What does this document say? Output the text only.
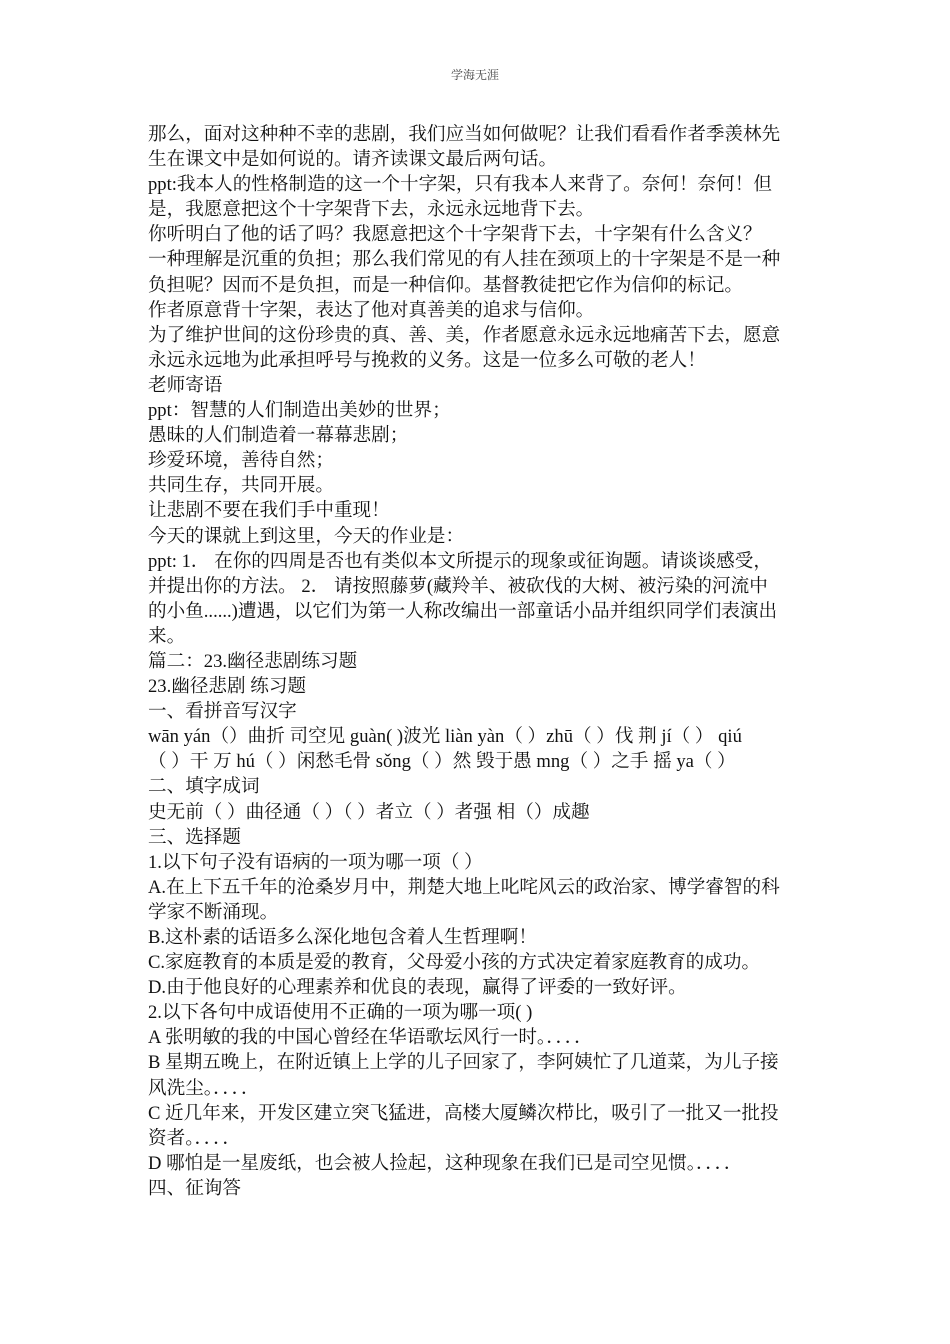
学海无涯
那么，面对这种种不幸的悲剧，我们应当如何做呢？让我们看看作者季羡林先
生在课文中是如何说的。请齐读课文最后两句话。
ppt:我本人的性格制造的这一个十字架，只有我本人来背了。奈何！奈何！但
是，我愿意把这个十字架背下去，永远永远地背下去。
你听明白了他的话了吗？我愿意把这个十字架背下去，十字架有什么含义？
一种理解是沉重的负担；那么我们常见的有人挂在颈项上的十字架是不是一种
负担呢？因而不是负担，而是一种信仰。基督教徒把它作为信仰的标记。
作者原意背十字架，表达了他对真善美的追求与信仰。
为了维护世间的这份珍贵的真、善、美，作者愿意永远永远地痛苦下去，愿意
永远永远地为此承担呼号与挽救的义务。这是一位多么可敬的老人！
老师寄语
ppt：智慧的人们制造出美妙的世界；
愚昧的人们制造着一幕幕悲剧；
珍爱环境，善待自然；
共同生存，共同开展。
让悲剧不要在我们手中重现！
今天的课就上到这里，今天的作业是：
ppt: 1． 在你的四周是否也有类似本文所提示的现象或征询题。请谈谈感受，
并提出你的方法。 2． 请按照藤萝(藏羚羊、被砍伐的大树、被污染的河流中
的小鱼......)遭遇，以它们为第一人称改编出一部童话小品并组织同学们表演出
来。
篇二：23.幽径悲剧练习题
23.幽径悲剧 练习题
一、看拼音写汉字
wān yán（）曲折 司空见 guàn( )波光 liàn yàn（ ）zhū（ ）伐 荆 jí（ ） qiú
（ ）干 万 hú（ ）闲愁毛骨 sǒng（ ）然 毁于愚 mng（ ）之手 摇 ya（ ）
二、填字成词
史无前（ ）曲径通（ ）（ ）者立（ ）者强 相（）成趣
三、选择题
1.以下句子没有语病的一项为哪一项（ ）
A.在上下五千年的沧桑岁月中，荆楚大地上叱咤风云的政治家、博学睿智的科
学家不断涌现。
B.这朴素的话语多么深化地包含着人生哲理啊！
C.家庭教育的本质是爱的教育，父母爱小孩的方式决定着家庭教育的成功。
D.由于他良好的心理素养和优良的表现，赢得了评委的一致好评。
2.以下各句中成语使用不正确的一项为哪一项( )
A 张明敏的我的中国心曾经在华语歌坛风行一时。．．．．
B 星期五晚上，在附近镇上上学的儿子回家了，李阿姨忙了几道菜，为儿子接
风洗尘。．．．．
C 近几年来，开发区建立突飞猛进，高楼大厦鳞次栉比，吸引了一批又一批投
资者。．．．．
D 哪怕是一星废纸，也会被人捡起，这种现象在我们已是司空见惯。．．．．
四、征询答
